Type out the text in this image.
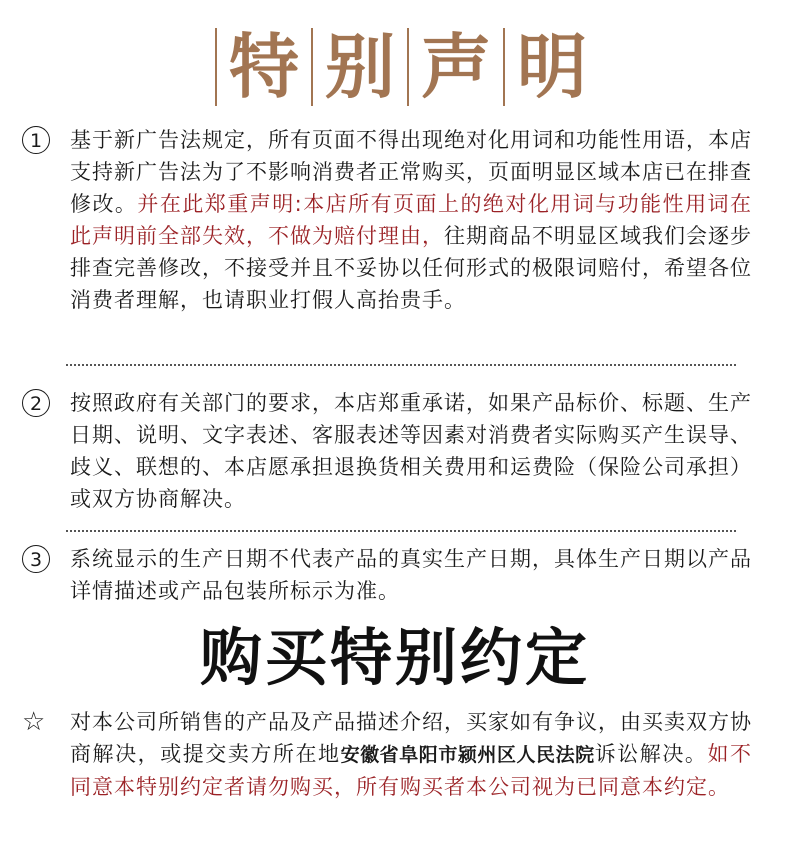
特 别 声 明
1	基于新广告法规定，所有页面不得出现绝对化用词和功能性用语，本店支持新广告法为了不影响消费者正常购买，页面明显区域本店已在排查修改。并在此郑重声明:本店所有页面上的绝对化用词与功能性用词在此声明前全部失效，不做为赔付理由，往期商品不明显区域我们会逐步排查完善修改，不接受并且不妥协以任何形式的极限词赔付，希望各位消费者理解，也请职业打假人高抬贵手。
2	按照政府有关部门的要求，本店郑重承诺，如果产品标价、标题、生产日期、说明、文字表述、客服表述等因素对消费者实际购买产生误导、歧义、联想的、本店愿承担退换货相关费用和运费险（保险公司承担）或双方协商解决。
3	系统显示的生产日期不代表产品的真实生产日期，具体生产日期以产品详情描述或产品包装所标示为准。
购买特别约定
☆ 对本公司所销售的产品及产品描述介绍，买家如有争议，由买卖双方协商解决，或提交卖方所在地安徽省阜阳市颍州区人民法院诉讼解决。如不同意本特别约定者请勿购买，所有购买者本公司视为已同意本约定。
